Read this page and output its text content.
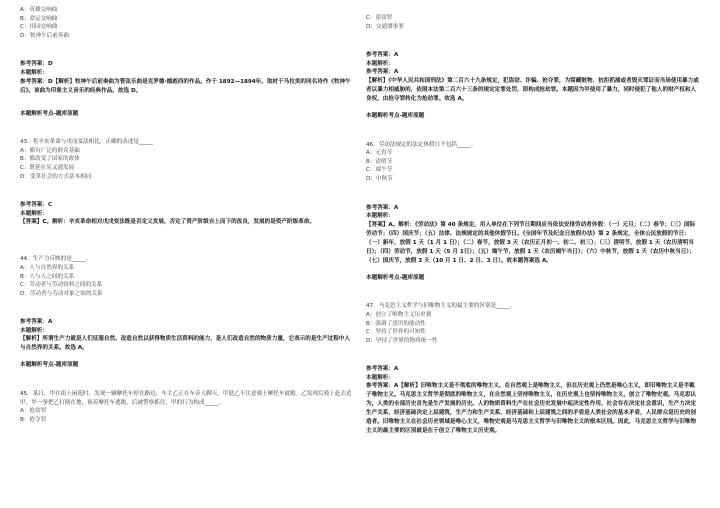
A：英雄交响曲
B：命运交响曲
C：田园交响曲
D：牧神午后前奏曲
参考答案：D
本题解析：
参考答案：D【解析】牧神午后前奏曲为管弦乐曲是克罗德·德彪西的作品。作于 1892—1894年。取材于马拉美的同名诗作《牧神午后》。该曲为印象主义音乐的经典作品。故选 D。
本题解析考点-题库原题
43．将辛亥革命与戊戌变法相比，正确的表述是_____
A：都有广泛的群众基础
B：都改变了国家的政体
C：既延在宪又通发展
D：变革社会的方式基本相同
参考答案：C
本题解析：
【答案】C。解析：辛亥革命相对戊戌变法既是否定又发展，否定了资产阶级自上而下的改良，发展的是资产阶级革命。
44．生产力反映的是_____。
A：人与自然界的关系
B：人与人之间的关系
C：劳动者与劳动资料之间的关系
D：劳动者与劳动对象之间的关系
参考答案：A
本题解析：
【解析】所谓生产力就是人们征服自然、改造自然以获得物质生活资料的能力，是人们改造自然的物质力量，它表示的是生产过程中人与自然界的关系。故选 A。
本题解析考点-题库原题
45．某日，甲在街上闲逛时，发现一辆摩托车停在路边，车主乙正在车旁人聊天，甲趁乙不注意骑上摩托车就跑。乙发现后骑上赶去追甲，甲一拳把乙打倒在地，预着摩托车逃跑，后被警察抓住，甲的行为构成_____。
A：抢劫罪
B：抢夺罪
C：盗窃罪
D：交通肇事罪
参考答案：A
本题解析：
参考答案：A
【解析】《中华人民共和国刑法》第二百六十九条规定，犯盗窃、诈骗、抢夺罪，为窝藏赃物、抗拒抓捕或者毁灭罪证而当场使用暴力或者以暴力相威胁的，依照本法第二百六十三条的规定定罪处罚，即构成抢劫罪。本题因为甲使用了暴力，同时侵犯了他人的财产权和人身权，由抢夺罪转化为抢劫罪。故选 A。
本题解析考点-题库原题
46．劳动法规定的法定休假日不包括_____。
A：元宵节
B：清明节
C：端午节
D：中秋节
参考答案：A
本题解析：
【答案】A。解析：《劳动法》第 40 条规定，用人单位在下列节日期间应当依法安排劳动者休假：（一）元旦；（二）春节；（三）国际劳动节；（四）国庆节；（五）法律、法规规定的其他休假节日。《全国年节及纪念日放假办法》第 2 条规定，全体公民放假的节日：（一）新年，放假 1 天（1 月 1 日）；（二）春节，放假 3 天（农历正月初一、初二、初三）；（三）清明节，放假 1 天（农历清明当日）；（四）劳动节，放假 1 天（5 月 1日）；（五）端午节，放假 1 天（农历端午当日）；（六）中秋节，放假 1 天（农历中秋当日）；（七）国庆节，放假 3 天（10 月 1 日、2 日、3 日）。故本题答案选 A。
本题解析考点-题库原题
47．马克思主义哲学与旧唯物主义的最主要的区别是_____。
A：创立了唯物主义历史观
B：强调了意识的能动性
C：坚持了世界的可知性
D：坚持了世界的物质统一性
参考答案：A
本题解析：
参考答案：A【解析】旧唯物主义是不彻底的唯物主义，在自然观上是唯物主义，但在历史观上仍然是唯心主义，即旧唯物主义是半截子唯物主义。马克思主义哲学是彻底的唯物主义，在自然观上坚持唯物主义，在历史观上也坚持唯物主义，创立了唯物史观。马克思认为，人类的全部历史首先是生产发展的历史。人的物质资料生产在社会历史发展中起决定性作用，社会存在决定社会意识，生产力决定生产关系，经济基础决定上层建筑，生产力和生产关系、经济基础和上层建筑之间的矛盾是人类社会的基本矛盾，人民群众是历史的创造者。旧唯物主义在社会历史领域是唯心主义，唯物史观是马克思主义哲学与旧唯物主义的根本区别。因此，马克思主义哲学与旧唯物主义的最主要的区别就是在于创立了唯物主义历史观。
